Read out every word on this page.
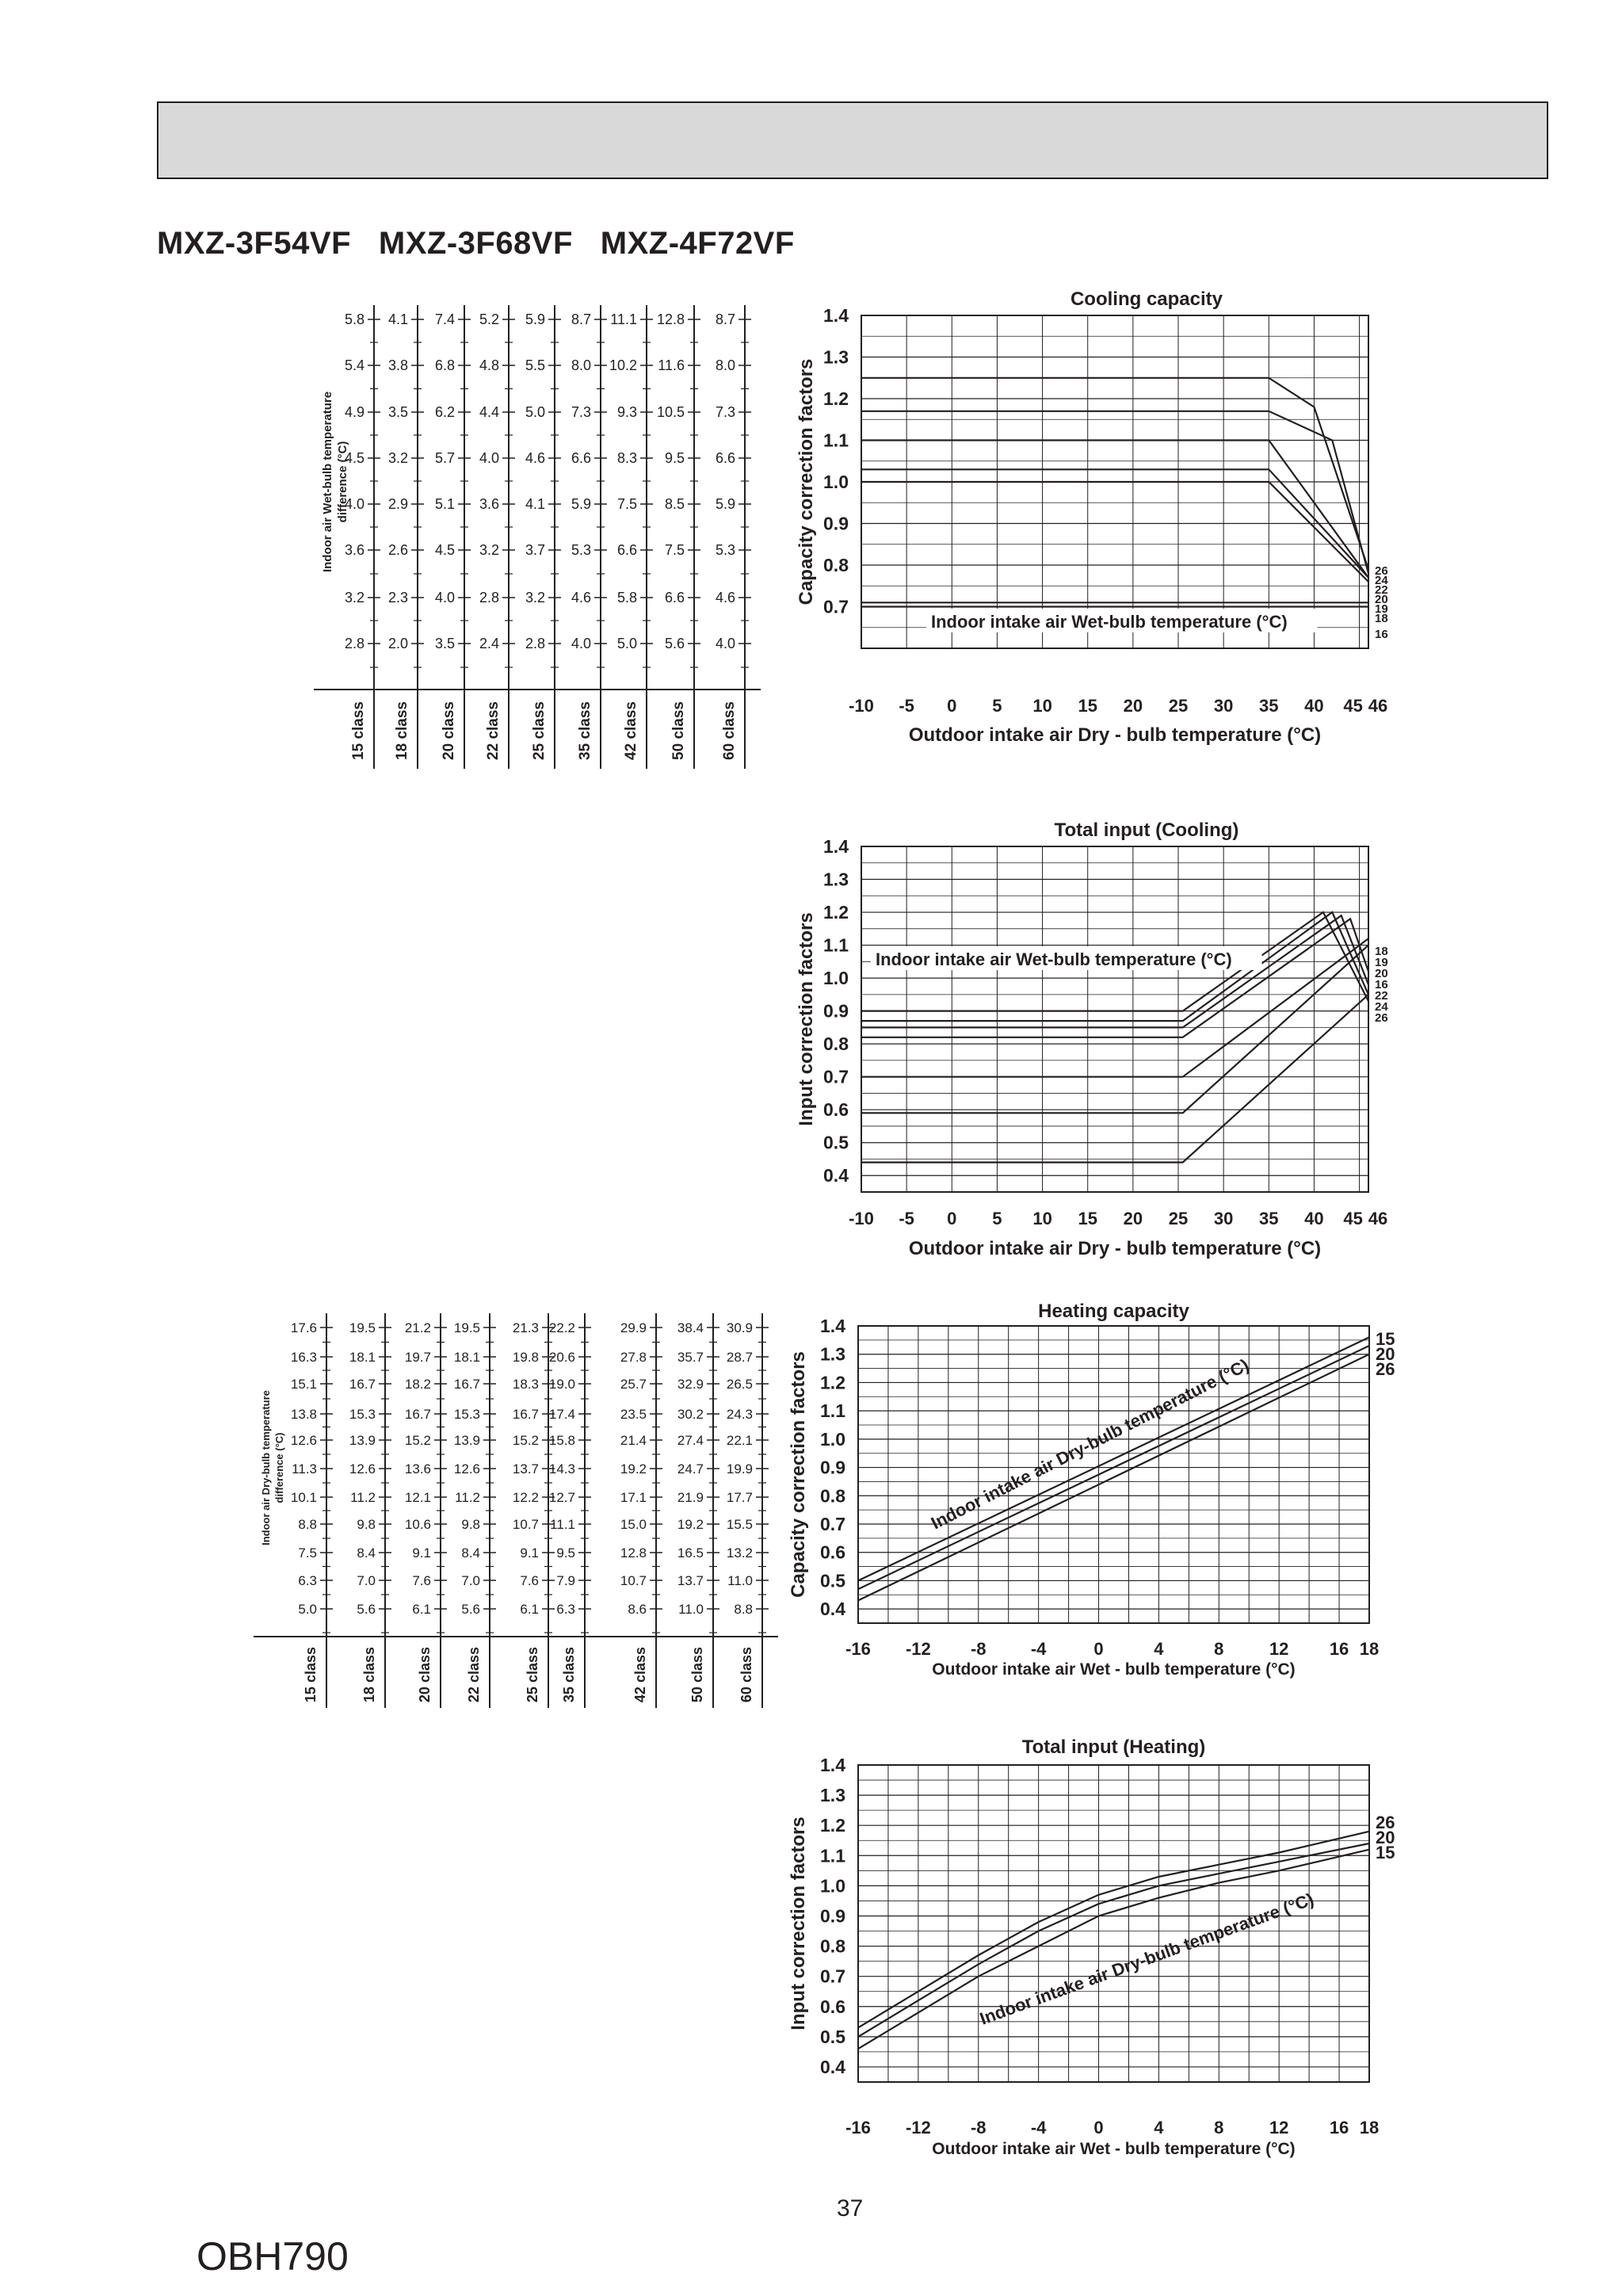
MXZ-3F54VF   MXZ-3F68VF   MXZ-4F72VF
Indoor air Wet-bulb temperature difference (°C)
5.8 4.1 7.4 5.2 5.9 8.7 11.1 12.8 8.7
5.4 3.8 6.8 4.8 5.5 8.0 10.2 11.6 8.0
4.9 3.5 6.2 4.4 5.0 7.3 9.3 10.5 7.3
4.5 3.2 5.7 4.0 4.6 6.6 8.3 9.5 6.6
4.0 2.9 5.1 3.6 4.1 5.9 7.5 8.5 5.9
3.6 2.6 4.5 3.2 3.7 5.3 6.6 7.5 5.3
3.2 2.3 4.0 2.8 3.2 4.6 5.8 6.6 4.6
2.8 2.0 3.5 2.4 2.8 4.0 5.0 5.6 4.0
15 class 18 class 20 class 22 class 25 class 35 class 42 class 50 class 60 class
Indoor air Dry-bulb temperature difference (°C)
17.6 19.5 21.2 19.5 21.3 22.2	29.9 38.4 30.9
16.3 18.1 19.7 18.1 19.8 20.6	27.8 35.7 28.7
15.1 16.7 18.2 16.7 18.3 19.0	25.7 32.9 26.5
13.8 15.3 16.7 15.3 16.7 17.4	23.5 30.2 24.3
12.6 13.9 15.2 13.9 15.2 15.8	21.4 27.4 22.1
11.3 12.6 13.6 12.6 13.7 14.3	19.2 24.7 19.9
10.1 11.2 12.1 11.2 12.2 12.7	17.1 21.9 17.7
8.8	9.8 10.6 9.8 10.7 11.1	15.0 19.2 15.5
7.5	8.4	9.1 8.4	9.1 9.5	12.8 16.5 13.2
6.3	7.0	7.6 7.0	7.6 7.9	10.7 13.7 11.0
5.0	5.6	6.1 5.6	6.1 6.3	8.6 11.0 8.8
15 class	18 class	20 class 22 class	25 class 35 class	42 class	50 class 60 class
Cooling capacity
1.4
1.3
1.2
1.1
1.0
0.9
0.8
0.7
-10 -5 0 5 10 15 20 25 30 35 40 45 46
Outdoor intake air Dry - bulb temperature (°C)
Capacity correction factors
Indoor intake air Wet-bulb temperature (°C)
26
24
22
20
19
18
16
Total input (Cooling)
1.4
1.3
1.2
1.1
1.0
0.9
0.8
0.7
0.6
0.5
0.4
-10 -5 0 5 10 15 20 25 30 35 40 45 46
Outdoor intake air Dry - bulb temperature (°C)
Input correction factors	Indoor intake air Wet-bulb temperature (°C)	18
19
20
16
22
24
26
Heating capacity
1.4
1.3
1.2
1.1
1.0
0.9
0.8
0.7
0.6
0.5
0.4
-16 -12 -8	-4	0	4	8	12 16 18
Outdoor intake air Wet - bulb temperature (°C)
Capacity correction factors	Indoor intake air Dry-bulb temperature (°C)
15
20
26
Total input (Heating)
1.4
1.3
1.2
1.1
1.0
0.9
0.8
0.7
0.6
0.5
0.4
-16 -12 -8	-4	0	4	8	12 16 18
Outdoor intake air Wet - bulb temperature (°C)
Input correction factors	Indoor intake air Dry-bulb temperature (°C)
26
20
15
37
OBH790
